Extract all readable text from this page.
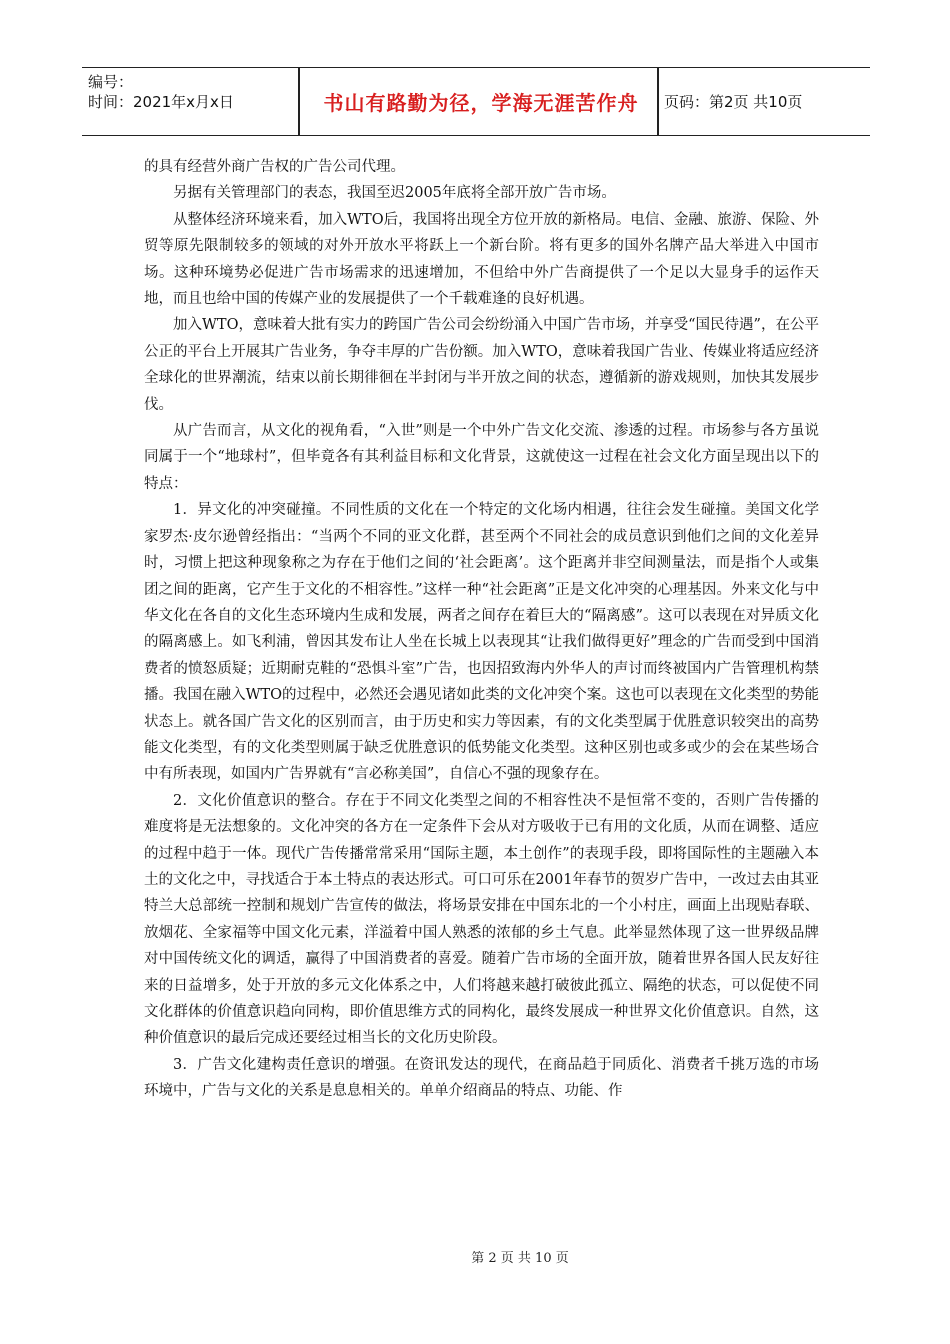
编号：
时间：2021年x月x日	书山有路勤为径，学海无涯苦作舟	页码：第2页 共10页

的具有经营外商广告权的广告公司代理。

另据有关管理部门的表态，我国至迟2005年底将全部开放广告市场。

从整体经济环境来看，加入WTO后，我国将出现全方位开放的新格局。电信、金融、旅游、保险、外贸等原先限制较多的领域的对外开放水平将跃上一个新台阶。将有更多的国外名牌产品大举进入中国市场。这种环境势必促进广告市场需求的迅速增加，不但给中外广告商提供了一个足以大显身手的运作天地，而且也给中国的传媒产业的发展提供了一个千载难逢的良好机遇。

加入WTO，意味着大批有实力的跨国广告公司会纷纷涌入中国广告市场，并享受“国民待遇”，在公平公正的平台上开展其广告业务，争夺丰厚的广告份额。加入WTO，意味着我国广告业、传媒业将适应经济全球化的世界潮流，结束以前长期徘徊在半封闭与半开放之间的状态，遵循新的游戏规则，加快其发展步伐。

从广告而言，从文化的视角看，“入世”则是一个中外广告文化交流、渗透的过程。市场参与各方虽说同属于一个“地球村”，但毕竟各有其利益目标和文化背景，这就使这一过程在社会文化方面呈现出以下的特点：

1．异文化的冲突碰撞。不同性质的文化在一个特定的文化场内相遇，往往会发生碰撞。美国文化学家罗杰·皮尔逊曾经指出：“当两个不同的亚文化群，甚至两个不同社会的成员意识到他们之间的文化差异时，习惯上把这种现象称之为存在于他们之间的‘社会距离’。这个距离并非空间测量法，而是指个人或集团之间的距离，它产生于文化的不相容性。”这样一种“社会距离”正是文化冲突的心理基因。外来文化与中华文化在各自的文化生态环境内生成和发展，两者之间存在着巨大的“隔离感”。这可以表现在对异质文化的隔离感上。如飞利浦，曾因其发布让人坐在长城上以表现其“让我们做得更好”理念的广告而受到中国消费者的愤怒质疑；近期耐克鞋的“恐惧斗室”广告，也因招致海内外华人的声讨而终被国内广告管理机构禁播。我国在融入WTO的过程中，必然还会遇见诸如此类的文化冲突个案。这也可以表现在文化类型的势能状态上。就各国广告文化的区别而言，由于历史和实力等因素，有的文化类型属于优胜意识较突出的高势能文化类型，有的文化类型则属于缺乏优胜意识的低势能文化类型。这种区别也或多或少的会在某些场合中有所表现，如国内广告界就有“言必称美国”，自信心不强的现象存在。

2．文化价值意识的整合。存在于不同文化类型之间的不相容性决不是恒常不变的，否则广告传播的难度将是无法想象的。文化冲突的各方在一定条件下会从对方吸收于已有用的文化质，从而在调整、适应的过程中趋于一体。现代广告传播常常采用“国际主题，本土创作”的表现手段，即将国际性的主题融入本土的文化之中，寻找适合于本土特点的表达形式。可口可乐在2001年春节的贺岁广告中，一改过去由其亚特兰大总部统一控制和规划广告宣传的做法，将场景安排在中国东北的一个小村庄，画面上出现贴春联、放烟花、全家福等中国文化元素，洋溢着中国人熟悉的浓郁的乡土气息。此举显然体现了这一世界级品牌对中国传统文化的调适，赢得了中国消费者的喜爱。随着广告市场的全面开放，随着世界各国人民友好往来的日益增多，处于开放的多元文化体系之中，人们将越来越打破彼此孤立、隔绝的状态，可以促使不同文化群体的价值意识趋向同构，即价值思维方式的同构化，最终发展成一种世界文化价值意识。自然，这种价值意识的最后完成还要经过相当长的文化历史阶段。

3．广告文化建构责任意识的增强。在资讯发达的现代，在商品趋于同质化、消费者千挑万选的市场环境中，广告与文化的关系是息息相关的。单单介绍商品的特点、功能、作

第 2 页 共 10 页
